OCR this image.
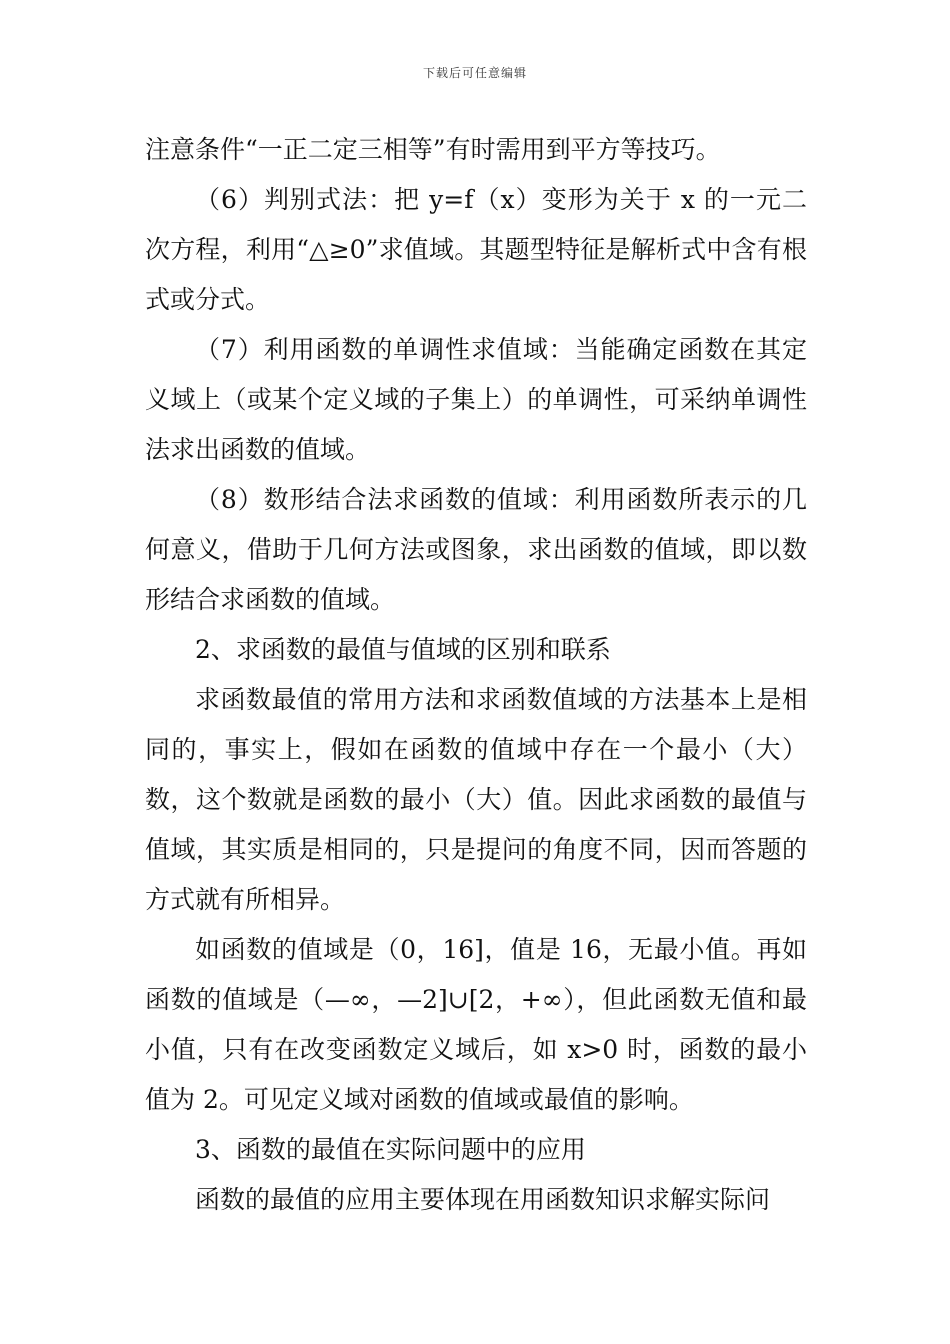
下载后可任意编辑

注意条件“一正二定三相等”有时需用到平方等技巧。

（6）判别式法：把 y=f（x）变形为关于 x 的一元二次方程，利用“△≥0”求值域。其题型特征是解析式中含有根式或分式。

（7）利用函数的单调性求值域：当能确定函数在其定义域上（或某个定义域的子集上）的单调性，可采纳单调性法求出函数的值域。

（8）数形结合法求函数的值域：利用函数所表示的几何意义，借助于几何方法或图象，求出函数的值域，即以数形结合求函数的值域。

2、求函数的最值与值域的区别和联系

求函数最值的常用方法和求函数值域的方法基本上是相同的，事实上，假如在函数的值域中存在一个最小（大）数，这个数就是函数的最小（大）值。因此求函数的最值与值域，其实质是相同的，只是提问的角度不同，因而答题的方式就有所相异。

如函数的值域是（0，16]，值是 16，无最小值。再如函数的值域是（—∞，—2]∪[2，+∞），但此函数无值和最小值，只有在改变函数定义域后，如 x>0 时，函数的最小值为 2。可见定义域对函数的值域或最值的影响。

3、函数的最值在实际问题中的应用

函数的最值的应用主要体现在用函数知识求解实际问
